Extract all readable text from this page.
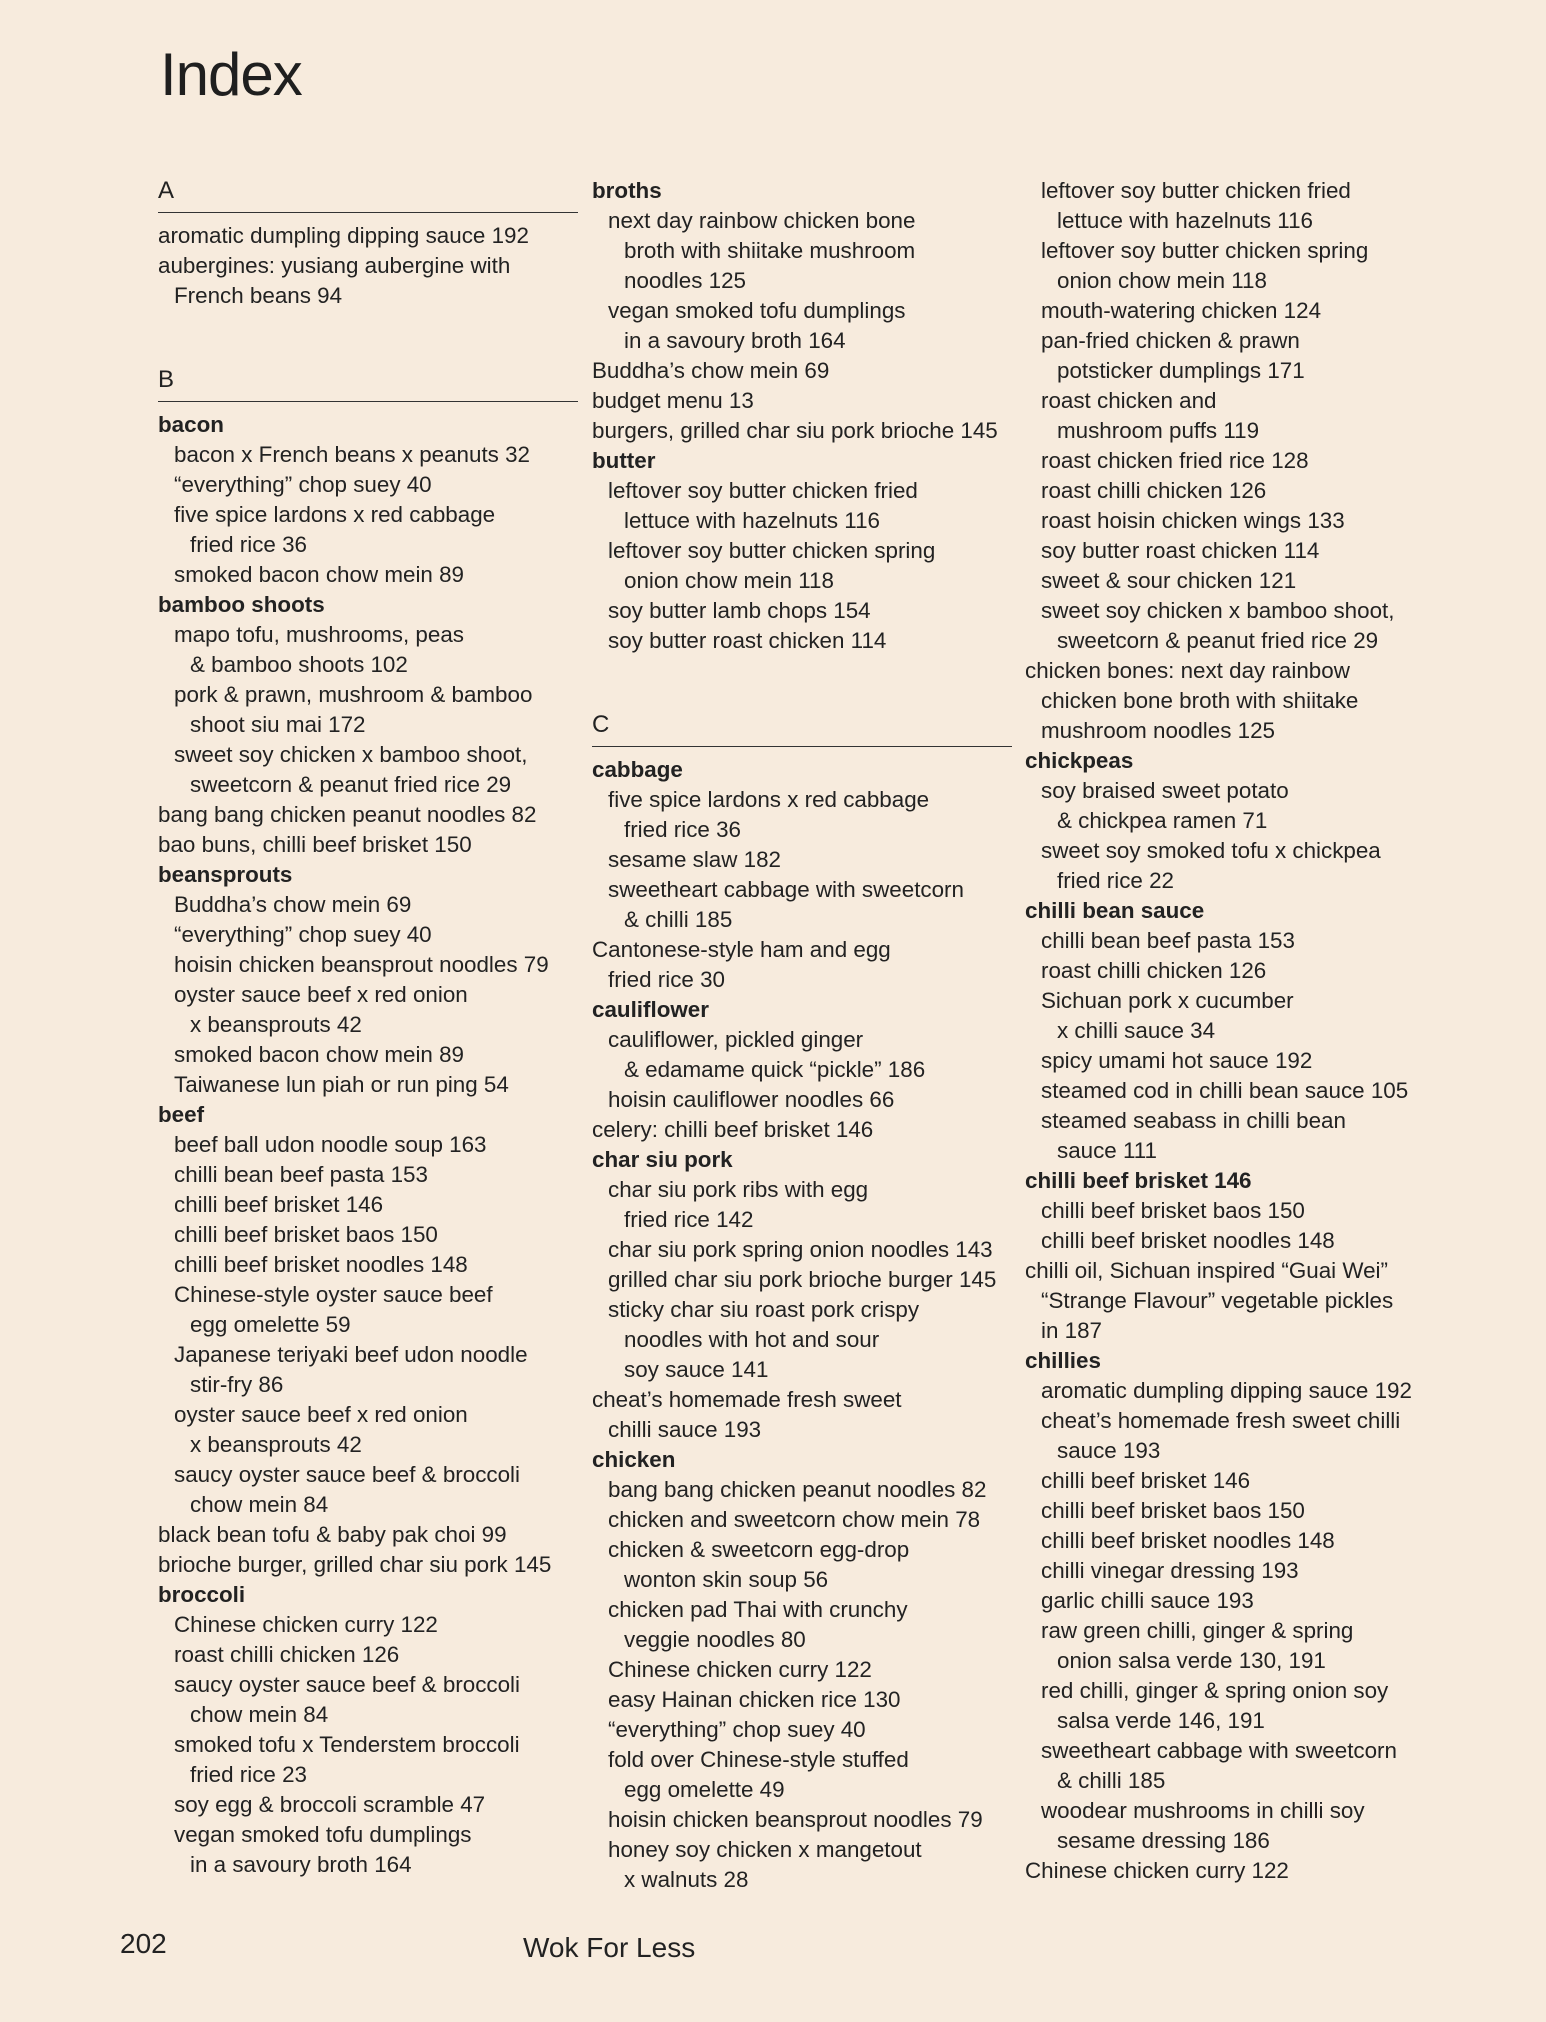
Index
A
aromatic dumpling dipping sauce 192
aubergines: yusiang aubergine with
French beans 94
B
bacon
bacon x French beans x peanuts 32
“everything” chop suey 40
five spice lardons x red cabbage
fried rice 36
smoked bacon chow mein 89
bamboo shoots
mapo tofu, mushrooms, peas
& bamboo shoots 102
pork & prawn, mushroom & bamboo
shoot siu mai 172
sweet soy chicken x bamboo shoot,
sweetcorn & peanut fried rice 29
bang bang chicken peanut noodles 82
bao buns, chilli beef brisket 150
beansprouts
Buddha’s chow mein 69
“everything” chop suey 40
hoisin chicken beansprout noodles 79
oyster sauce beef x red onion
x beansprouts 42
smoked bacon chow mein 89
Taiwanese lun piah or run ping 54
beef
beef ball udon noodle soup 163
chilli bean beef pasta 153
chilli beef brisket 146
chilli beef brisket baos 150
chilli beef brisket noodles 148
Chinese-style oyster sauce beef
egg omelette 59
Japanese teriyaki beef udon noodle
stir-fry 86
oyster sauce beef x red onion
x beansprouts 42
saucy oyster sauce beef & broccoli
chow mein 84
black bean tofu & baby pak choi 99
brioche burger, grilled char siu pork 145
broccoli
Chinese chicken curry 122
roast chilli chicken 126
saucy oyster sauce beef & broccoli
chow mein 84
smoked tofu x Tenderstem broccoli
fried rice 23
soy egg & broccoli scramble 47
vegan smoked tofu dumplings
in a savoury broth 164
broths
next day rainbow chicken bone
broth with shiitake mushroom
noodles 125
vegan smoked tofu dumplings
in a savoury broth 164
Buddha’s chow mein 69
budget menu 13
burgers, grilled char siu pork brioche 145
butter
leftover soy butter chicken fried
lettuce with hazelnuts 116
leftover soy butter chicken spring
onion chow mein 118
soy butter lamb chops 154
soy butter roast chicken 114
C
cabbage
five spice lardons x red cabbage
fried rice 36
sesame slaw 182
sweetheart cabbage with sweetcorn
& chilli 185
Cantonese-style ham and egg
fried rice 30
cauliflower
cauliflower, pickled ginger
& edamame quick “pickle” 186
hoisin cauliflower noodles 66
celery: chilli beef brisket 146
char siu pork
char siu pork ribs with egg
fried rice 142
char siu pork spring onion noodles 143
grilled char siu pork brioche burger 145
sticky char siu roast pork crispy
noodles with hot and sour
soy sauce 141
cheat’s homemade fresh sweet
chilli sauce 193
chicken
bang bang chicken peanut noodles 82
chicken and sweetcorn chow mein 78
chicken & sweetcorn egg-drop
wonton skin soup 56
chicken pad Thai with crunchy
veggie noodles 80
Chinese chicken curry 122
easy Hainan chicken rice 130
“everything” chop suey 40
fold over Chinese-style stuffed
egg omelette 49
hoisin chicken beansprout noodles 79
honey soy chicken x mangetout
x walnuts 28
leftover soy butter chicken fried
lettuce with hazelnuts 116
leftover soy butter chicken spring
onion chow mein 118
mouth-watering chicken 124
pan-fried chicken & prawn
potsticker dumplings 171
roast chicken and
mushroom puffs 119
roast chicken fried rice 128
roast chilli chicken 126
roast hoisin chicken wings 133
soy butter roast chicken 114
sweet & sour chicken 121
sweet soy chicken x bamboo shoot,
sweetcorn & peanut fried rice 29
chicken bones: next day rainbow
chicken bone broth with shiitake
mushroom noodles 125
chickpeas
soy braised sweet potato
& chickpea ramen 71
sweet soy smoked tofu x chickpea
fried rice 22
chilli bean sauce
chilli bean beef pasta 153
roast chilli chicken 126
Sichuan pork x cucumber
x chilli sauce 34
spicy umami hot sauce 192
steamed cod in chilli bean sauce 105
steamed seabass in chilli bean
sauce 111
chilli beef brisket 146
chilli beef brisket baos 150
chilli beef brisket noodles 148
chilli oil, Sichuan inspired “Guai Wei”
“Strange Flavour” vegetable pickles
in 187
chillies
aromatic dumpling dipping sauce 192
cheat’s homemade fresh sweet chilli
sauce 193
chilli beef brisket 146
chilli beef brisket baos 150
chilli beef brisket noodles 148
chilli vinegar dressing 193
garlic chilli sauce 193
raw green chilli, ginger & spring
onion salsa verde 130, 191
red chilli, ginger & spring onion soy
salsa verde 146, 191
sweetheart cabbage with sweetcorn
& chilli 185
woodear mushrooms in chilli soy
sesame dressing 186
Chinese chicken curry 122
202	Wok For Less
